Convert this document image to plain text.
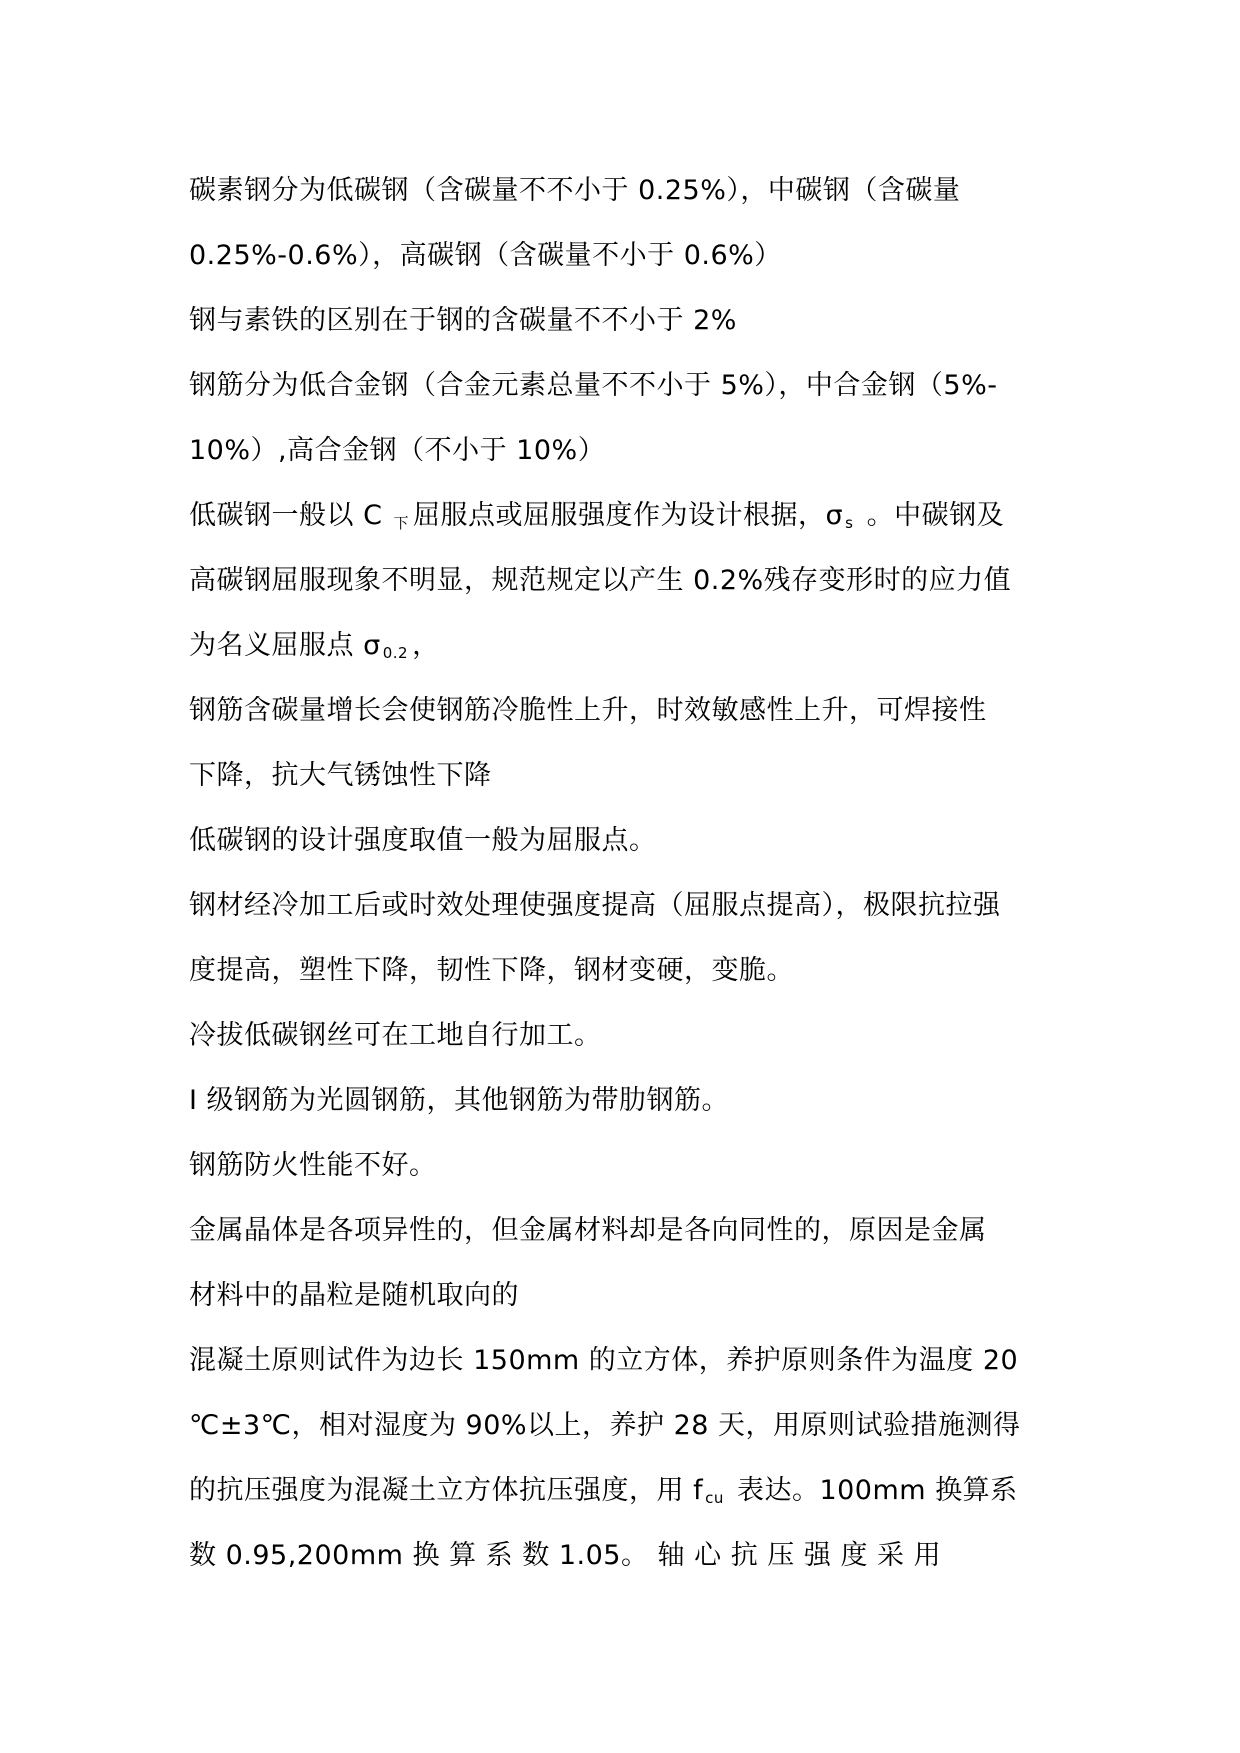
碳素钢分为低碳钢（含碳量不不小于 0.25%），中碳钢（含碳量
0.25%-0.6%），高碳钢（含碳量不小于 0.6%）
钢与素铁的区别在于钢的含碳量不不小于 2%
钢筋分为低合金钢（合金元素总量不不小于 5%），中合金钢（5%-
10%）,高合金钢（不小于 10%）
低碳钢一般以 C $_下$ 屈服点或屈服强度作为设计根据，σ $_s$ 。中碳钢及
高碳钢屈服现象不明显，规范规定以产生 0.2%残存变形时的应力值
为名义屈服点 σ $_{0.2}$ ，
钢筋含碳量增长会使钢筋冷脆性上升，时效敏感性上升，可焊接性
下降，抗大气锈蚀性下降
低碳钢的设计强度取值一般为屈服点。
钢材经冷加工后或时效处理使强度提高（屈服点提高），极限抗拉强
度提高，塑性下降，韧性下降，钢材变硬，变脆。
冷拔低碳钢丝可在工地自行加工。
I 级钢筋为光圆钢筋，其他钢筋为带肋钢筋。
钢筋防火性能不好。
金属晶体是各项异性的，但金属材料却是各向同性的，原因是金属
材料中的晶粒是随机取向的
混凝土原则试件为边长 150mm 的立方体，养护原则条件为温度 20
℃±3℃，相对湿度为 90%以上，养护 28 天，用原则试验措施测得
的抗压强度为混凝土立方体抗压强度，用 f $_{cu}$ 表达。100mm 换算系
数 0.95,200mm 换 算 系 数 1.05。 轴 心 抗 压 强 度 采 用
